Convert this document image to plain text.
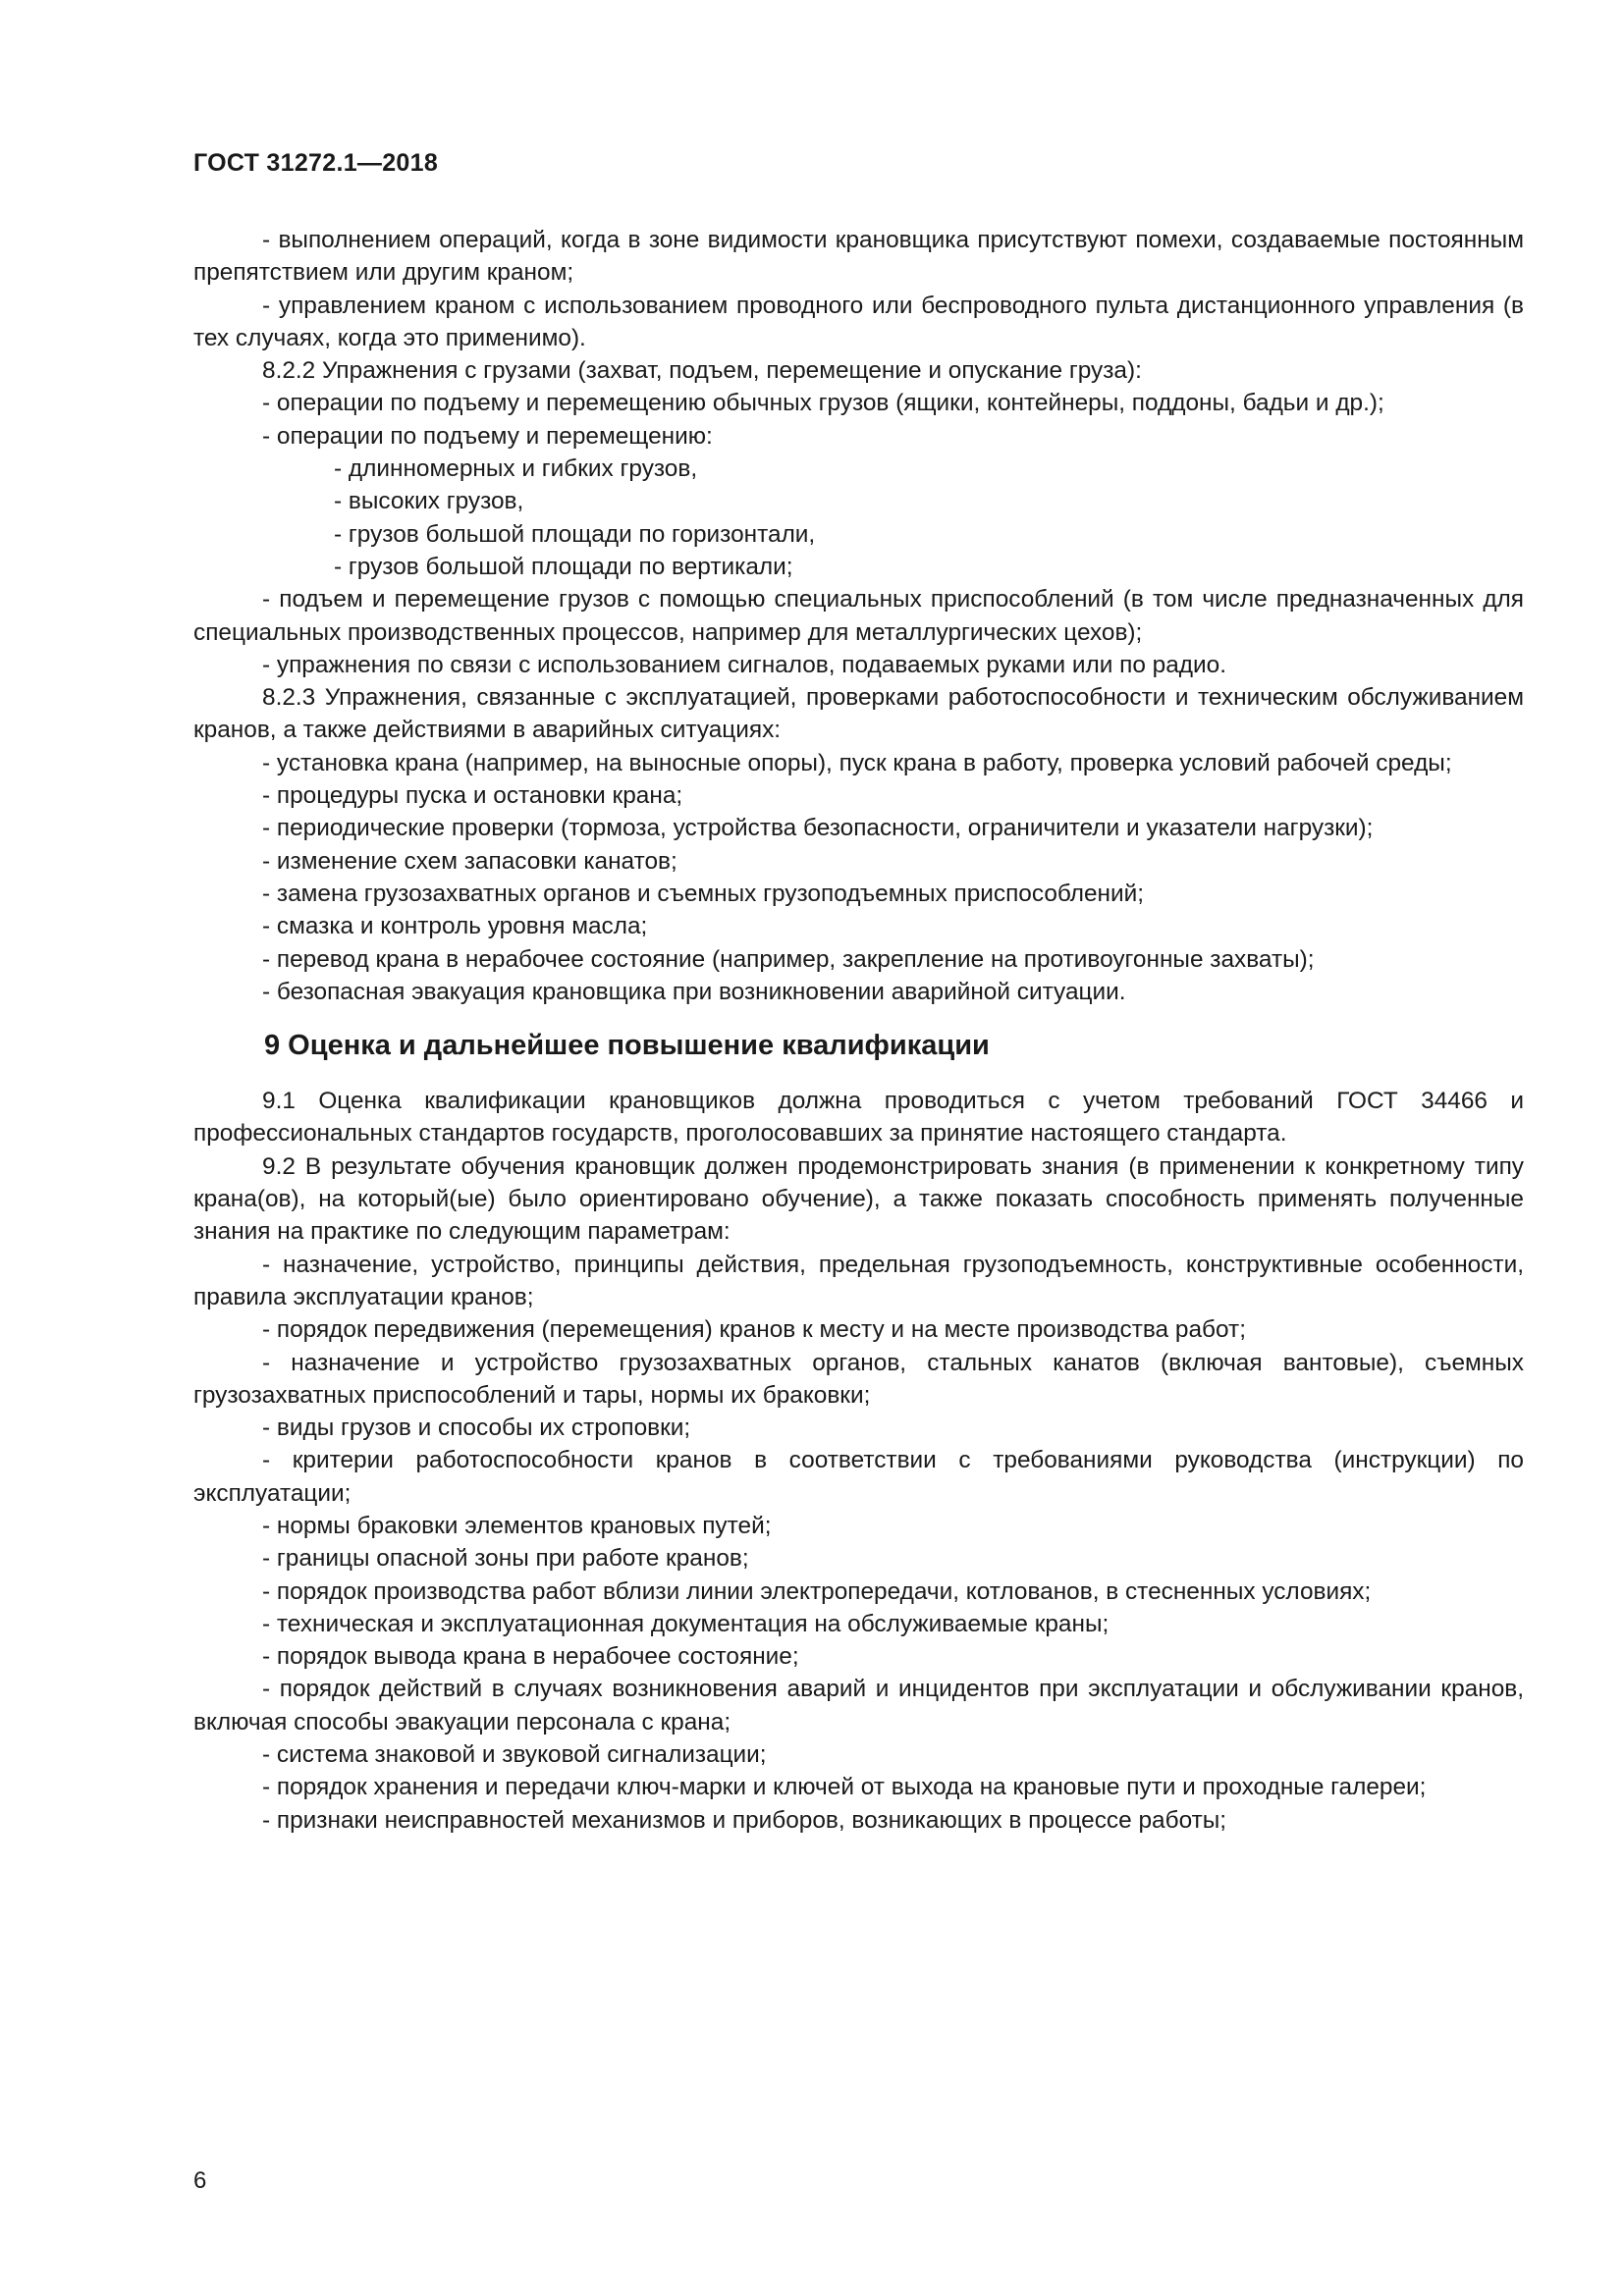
ГОСТ 31272.1—2018

- выполнением операций, когда в зоне видимости крановщика присутствуют помехи, создаваемые постоянным препятствием или другим краном;

- управлением краном с использованием проводного или беспроводного пульта дистанционного управления (в тех случаях, когда это применимо).

8.2.2 Упражнения с грузами (захват, подъем, перемещение и опускание груза):

- операции по подъему и перемещению обычных грузов (ящики, контейнеры, поддоны, бадьи и др.);

- операции по подъему и перемещению:

- длинномерных и гибких грузов,

- высоких грузов,

- грузов большой площади по горизонтали,

- грузов большой площади по вертикали;

- подъем и перемещение грузов с помощью специальных приспособлений (в том числе предназначенных для специальных производственных процессов, например для металлургических цехов);

- упражнения по связи с использованием сигналов, подаваемых руками или по радио.

8.2.3 Упражнения, связанные с эксплуатацией, проверками работоспособности и техническим обслуживанием кранов, а также действиями в аварийных ситуациях:

- установка крана (например, на выносные опоры), пуск крана в работу, проверка условий рабочей среды;

- процедуры пуска и остановки крана;

- периодические проверки (тормоза, устройства безопасности, ограничители и указатели нагрузки);

- изменение схем запасовки канатов;

- замена грузозахватных органов и съемных грузоподъемных приспособлений;

- смазка и контроль уровня масла;

- перевод крана в нерабочее состояние (например, закрепление на противоугонные захваты);

- безопасная эвакуация крановщика при возникновении аварийной ситуации.

9 Оценка и дальнейшее повышение квалификации

9.1 Оценка квалификации крановщиков должна проводиться с учетом требований ГОСТ 34466 и профессиональных стандартов государств, проголосовавших за принятие настоящего стандарта.

9.2 В результате обучения крановщик должен продемонстрировать знания (в применении к конкретному типу крана(ов), на который(ые) было ориентировано обучение), а также показать способность применять полученные знания на практике по следующим параметрам:

- назначение, устройство, принципы действия, предельная грузоподъемность, конструктивные особенности, правила эксплуатации кранов;

- порядок передвижения (перемещения) кранов к месту и на месте производства работ;

- назначение и устройство грузозахватных органов, стальных канатов (включая вантовые), съемных грузозахватных приспособлений и тары, нормы их браковки;

- виды грузов и способы их строповки;

- критерии работоспособности кранов в соответствии с требованиями руководства (инструкции) по эксплуатации;

- нормы браковки элементов крановых путей;

- границы опасной зоны при работе кранов;

- порядок производства работ вблизи линии электропередачи, котлованов, в стесненных условиях;

- техническая и эксплуатационная документация на обслуживаемые краны;

- порядок вывода крана в нерабочее состояние;

- порядок действий в случаях возникновения аварий и инцидентов при эксплуатации и обслуживании кранов, включая способы эвакуации персонала с крана;

- система знаковой и звуковой сигнализации;

- порядок хранения и передачи ключ-марки и ключей от выхода на крановые пути и проходные галереи;

- признаки неисправностей механизмов и приборов, возникающих в процессе работы;

6
